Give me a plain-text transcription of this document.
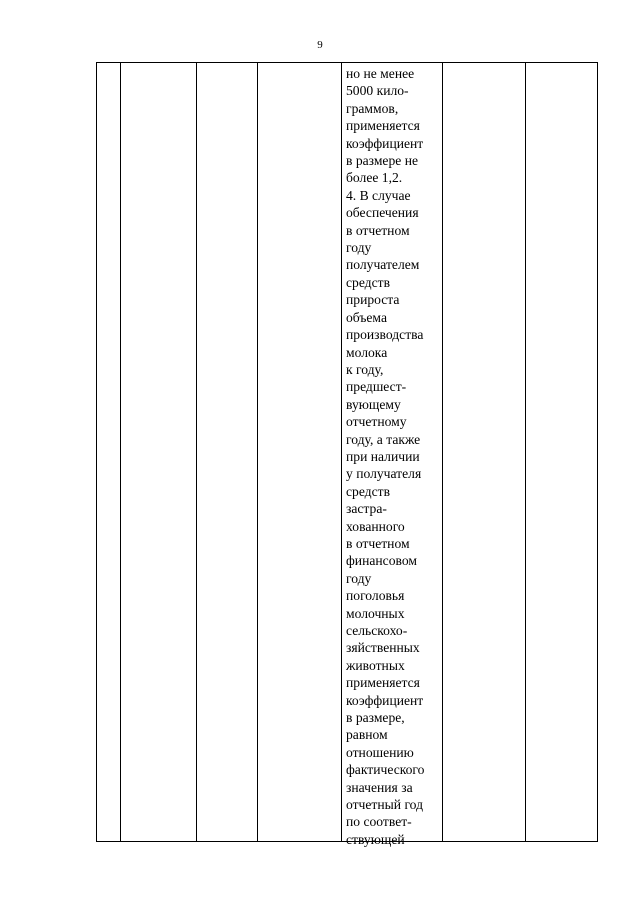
9
но не менее
5000 кило-
граммов,
применяется
коэффициент
в размере не
более 1,2.
4. В случае
обеспечения
в отчетном
году
получателем
средств
прироста
объема
производства
молока
к году,
предшест-
вующему
отчетному
году, а также
при наличии
у получателя
средств
застра-
хованного
в отчетном
финансовом
году
поголовья
молочных
сельскохо-
зяйственных
животных
применяется
коэффициент
в размере,
равном
отношению
фактического
значения за
отчетный год
по соответ-
ствующей
